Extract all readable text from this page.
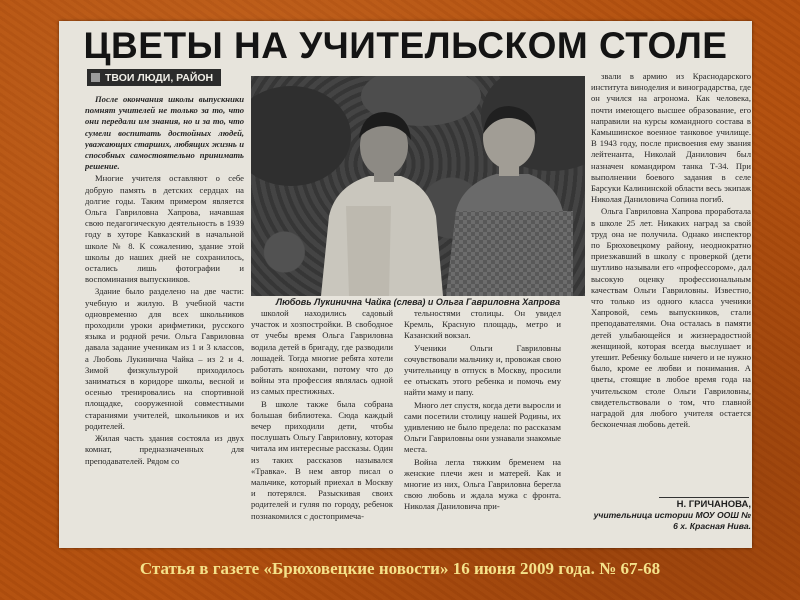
ЦВЕТЫ НА УЧИТЕЛЬСКОМ СТОЛЕ
ТВОИ ЛЮДИ, РАЙОН

После окончания школы выпускники помнят учителей не только за то, что они передали им знания, но и за то, что сумели воспитать достойных людей, уважающих старших, любящих жизнь и способных самостоятельно принимать решение.

Многие учителя оставляют о себе добрую память в детских сердцах на долгие годы. Таким примером является Ольга Гавриловна Хапрова, начавшая свою педагогическую деятельность в 1939 году в хуторе Кавказский в начальной школе № 8. К сожалению, здание этой школы до наших дней не сохранилось, остались лишь фотографии и воспоминания выпускников.

Здание было разделено на две части: учебную и жилую. В учебной части одновременно для всех школьников проходили уроки арифметики, русского языка и родной речи. Ольга Гавриловна давала задание ученикам из 1 и 3 классов, а Любовь Лукинична Чайка – из 2 и 4. Зимой физкультурой приходилось заниматься в коридоре школы, весной и осенью тренировались на спортивной площадке, сооруженной совместными стараниями учителей, школьников и их родителей.

Жилая часть здания состояла из двух комнат, предназначенных для преподавателей. Рядом со

Любовь Лукинична Чайка (слева) и Ольга Гавриловна Хапрова

школой находились садовый участок и хозпостройки. В свободное от учебы время Ольга Гавриловна водила детей в бригаду, где разводили лошадей. Тогда многие ребята хотели работать конюхами, потому что до войны эта профессия являлась одной из самых престижных.

В школе также была собрана большая библиотека. Сюда каждый вечер приходили дети, чтобы послушать Ольгу Гавриловну, которая читала им интересные рассказы. Один из таких рассказов назывался «Травка». В нем автор писал о мальчике, который приехал в Москву и потерялся. Разыскивая своих родителей и гуляя по городу, ребенок познакомился с достопримеча-

тельностями столицы. Он увидел Кремль, Красную площадь, метро и Казанский вокзал.

Ученики Ольги Гавриловны сочувствовали мальчику и, провожая свою учительницу в отпуск в Москву, просили ее отыскать этого ребенка и помочь ему найти маму и папу.

Много лет спустя, когда дети выросли и сами посетили столицу нашей Родины, их удивлению не было предела: по рассказам Ольги Гавриловны они узнавали знакомые места.

Война легла тяжким бременем на женские плечи жен и матерей. Как и многие из них, Ольга Гавриловна берегла свою любовь и ждала мужа с фронта. Николая Даниловича при-

звали в армию из Краснодарского института виноделия и виноградарства, где он учился на агронома. Как человека, почти имеющего высшее образование, его направили на курсы командного состава в Камышинское военное танковое училище. В 1943 году, после присвоения ему звания лейтенанта, Николай Данилович был назначен командиром танка Т-34. При выполнении боевого задания в селе Барсуки Калининской области весь экипаж Николая Даниловича Сопина погиб.

Ольга Гавриловна Хапрова проработала в школе 25 лет. Никаких наград за свой труд она не получила. Однако инспектор по Брюховецкому району, неоднократно приезжавший в школу с проверкой (дети шутливо называли его «профессором», дал высокую оценку профессиональным качествам Ольги Гавриловны. Известно, что только из одного класса ученики Хапровой, семь выпускников, стали преподавателями. Она осталась в памяти детей улыбающейся и жизнерадостной женщиной, которая всегда выслушает и утешит. Ребенку больше ничего и не нужно было, кроме ее любви и понимания. А цветы, стоящие в любое время года на учительском столе Ольги Гавриловны, свидетельствовали о том, что главной наградой для любого учителя остается бесконечная любовь детей.

Н. ГРИЧАНОВА,
учительница истории МОУ ООШ № 6 х. Красная Нива.
Статья в газете «Брюховецкие новости» 16 июня 2009 года. № 67-68
